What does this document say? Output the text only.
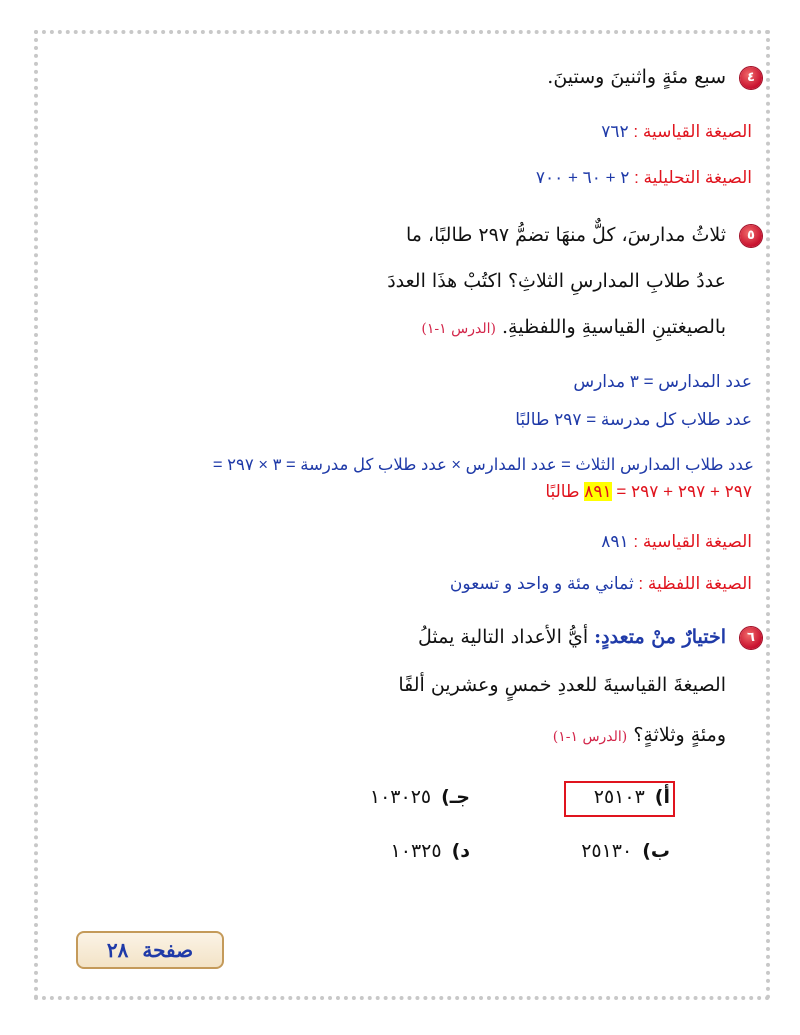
٤
سبع مئةٍ واثنينَ وستينَ.
الصيغة القياسية : ٧٦٢
الصيغة التحليلية : ٢ + ٦٠ + ٧٠٠
٥
ثلاثُ مدارسَ، كلٌّ منهَا تضمُّ ٢٩٧ طالبًا، ما
عددُ طلابِ المدارسِ الثلاثِ؟ اكتُبْ هذَا العددَ
بالصيغتينِ القياسيةِ واللفظيةِ. (الدرس ١-١)
عدد المدارس = ٣ مدارس
عدد طلاب كل مدرسة = ٢٩٧ طالبًا
عدد طلاب المدارس الثلاث = عدد المدارس × عدد طلاب كل مدرسة = ٣ × ٢٩٧ =
٢٩٧ + ٢٩٧ + ٢٩٧ = ٨٩١ طالبًا
الصيغة القياسية : ٨٩١
الصيغة اللفظية : ثماني مئة و واحد و تسعون
٦
اختيارٌ منْ متعددٍ: أيُّ الأعداد التالية يمثلُ
الصيغةَ القياسيةَ للعددِ خمسٍ وعشرين ألفًا
ومئةٍ وثلاثةٍ؟ (الدرس ١-١)
أ)٢٥١٠٣
جـ)١٠٣٠٢٥
ب)٢٥١٣٠
د)١٠٣٢٥
صفحة  ٢٨
